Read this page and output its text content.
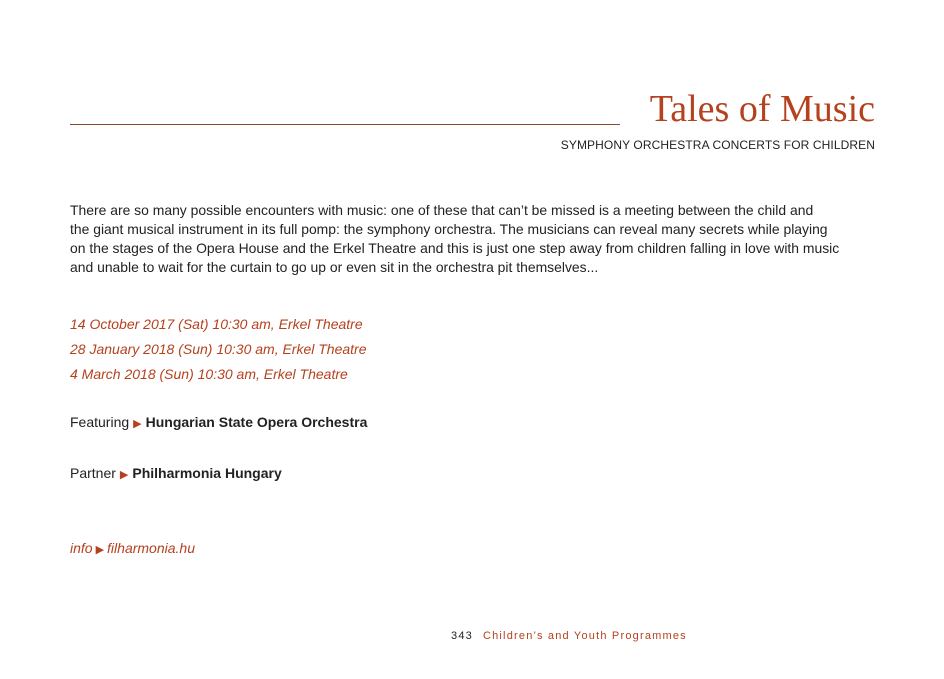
Tales of Music
SYMPHONY ORCHESTRA CONCERTS FOR CHILDREN
There are so many possible encounters with music: one of these that can’t be missed is a meeting between the child and
the giant musical instrument in its full pomp: the symphony orchestra. The musicians can reveal many secrets while playing
on the stages of the Opera House and the Erkel Theatre and this is just one step away from children falling in love with music
and unable to wait for the curtain to go up or even sit in the orchestra pit themselves...
14 October 2017 (Sat) 10:30 am, Erkel Theatre
28 January 2018 (Sun) 10:30 am, Erkel Theatre
4 March 2018 (Sun) 10:30 am, Erkel Theatre
Featuring ▶ Hungarian State Opera Orchestra
Partner ▶ Philharmonia Hungary
info ▶ filharmonia.hu
343 Children’s and Youth Programmes
